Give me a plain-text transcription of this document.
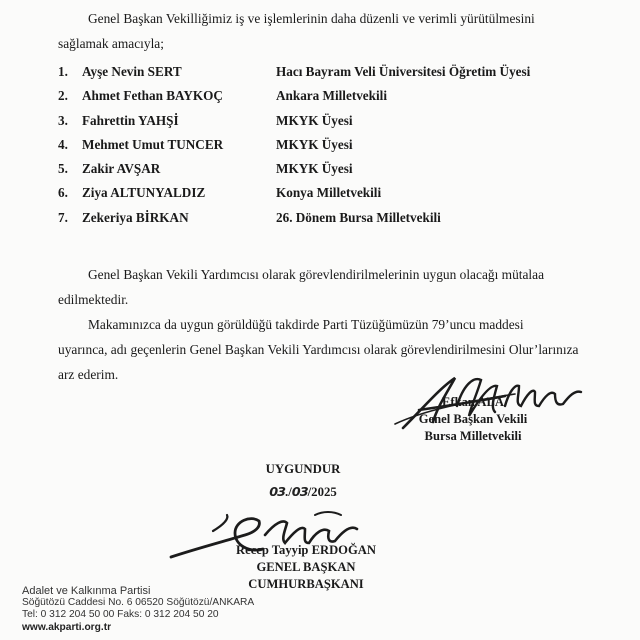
Genel Başkan Vekilliğimiz iş ve işlemlerinin daha düzenli ve verimli yürütülmesini
sağlamak amacıyla;
1.	Ayşe Nevin SERT	Hacı Bayram Veli Üniversitesi Öğretim Üyesi
2.	Ahmet Fethan BAYKOÇ	Ankara Milletvekili
3.	Fahrettin YAHŞİ	MKYK Üyesi
4.	Mehmet Umut TUNCER	MKYK Üyesi
5.	Zakir AVŞAR	MKYK Üyesi
6.	Ziya ALTUNYALDIZ	Konya Milletvekili
7.	Zekeriya BİRKAN	26. Dönem Bursa Milletvekili
Genel Başkan Vekili Yardımcısı olarak görevlendirilmelerinin uygun olacağı mütalaa
edilmektedir.
Makamınızca da uygun görüldüğü takdirde Parti Tüzüğümüzün 79’uncu maddesi
uyarınca, adı geçenlerin Genel Başkan Vekili Yardımcısı olarak görevlendirilmesini Olur’larınıza
arz ederim.
Efkan ALA
Genel Başkan Vekili
Bursa Milletvekili
UYGUNDUR
03./03/2025
Recep Tayyip ERDOĞAN
GENEL BAŞKAN
CUMHURBAŞKANI
Adalet ve Kalkınma Partisi
Söğütözü Caddesi No. 6 06520 Söğütözü/ANKARA
Tel: 0 312 204 50 00 Faks: 0 312 204 50 20
www.akparti.org.tr
